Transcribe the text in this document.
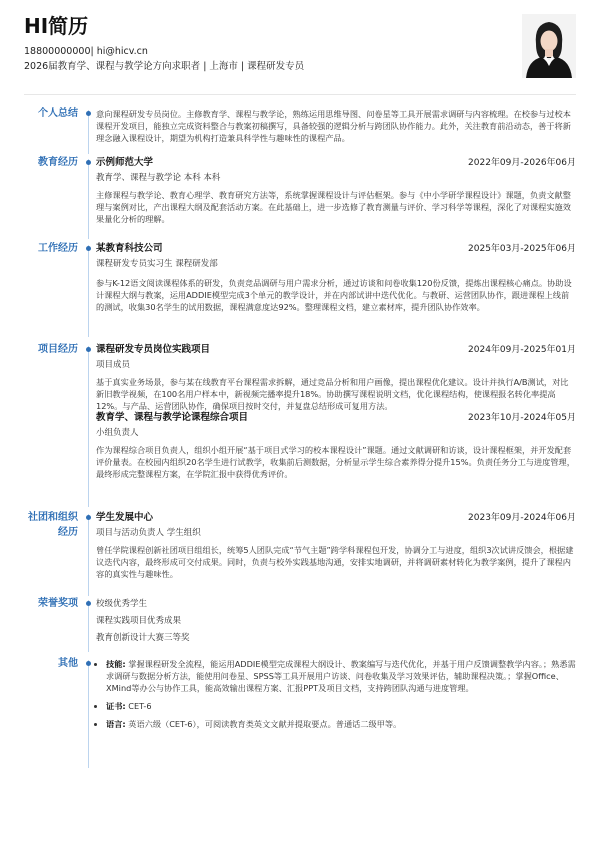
HI简历
18800000000| hi@hicv.cn
2026届教育学、课程与教学论方向求职者 | 上海市 | 课程研发专员
个人总结 意向课程研发专员岗位。主修教育学、课程与教学论，熟练运用思维导图、问卷星等工具开展需求调研与内容梳理。在校参与过校本课程开发项目，能独立完成资料整合与教案初稿撰写，具备较强的逻辑分析与跨团队协作能力。此外，关注教育前沿动态，善于将新理念融入课程设计，期望为机构打造兼具科学性与趣味性的课程产品。

教育经历 示例师范大学	2022年09月-2026年06月
教育学、课程与教学论 本科 本科

主修课程与教学论、教育心理学、教育研究方法等，系统掌握课程设计与评估框架。参与《中小学研学课程设计》课题，负责文献整理与案例对比，产出课程大纲及配套活动方案。在此基础上，进一步选修了教育测量与评价、学习科学等课程，深化了对课程实施效果量化分析的理解。

工作经历 某教育科技公司	2025年03月-2025年06月
课程研发专员实习生 课程研发部

参与K-12语文阅读课程体系的研发，负责竞品调研与用户需求分析，通过访谈和问卷收集120份反馈，提炼出课程核心痛点。协助设计课程大纲与教案，运用ADDIE模型完成3个单元的教学设计，并在内部试讲中迭代优化。与教研、运营团队协作，跟进课程上线前的测试，收集30名学生的试用数据，课程满意度达92%。整理课程文档，建立素材库，提升团队协作效率。

项目经历 课程研发专员岗位实践项目	2024年09月-2025年01月
项目成员

基于真实业务场景，参与某在线教育平台课程需求拆解，通过竞品分析和用户画像，提出课程优化建议。设计并执行A/B测试，对比新旧教学视频，在100名用户样本中，新视频完播率提升18%。协助撰写课程说明文档，优化课程结构，使课程报名转化率提高12%。与产品、运营团队协作，确保项目按时交付，并复盘总结形成可复用方法。

教育学、课程与教学论课程综合项目	2023年10月-2024年05月
小组负责人

作为课程综合项目负责人，组织小组开展“基于项目式学习的校本课程设计”课题。通过文献调研和访谈，设计课程框架，并开发配套评价量表。在校园内组织20名学生进行试教学，收集前后测数据，分析显示学生综合素养得分提升15%。负责任务分工与进度管理，最终形成完整课程方案，在学院汇报中获得优秀评价。

社团和组织
经历
学生发展中心	2023年09月-2024年06月
项目与活动负责人 学生组织

曾任学院课程创新社团项目组组长，统筹5人团队完成“节气主题”跨学科课程包开发，协调分工与进度，组织3次试讲反馈会，根据建议迭代内容，最终形成可交付成果。同时，负责与校外实践基地沟通，安排实地调研，并将调研素材转化为教学案例，提升了课程内容的真实性与趣味性。

荣誉奖项 校级优秀学生
课程实践项目优秀成果
教育创新设计大赛三等奖
其他
•	技能: 掌握课程研发全流程，能运用ADDIE模型完成课程大纲设计、教案编写与迭代优化，并基于用户反馈调整教学内容。；熟悉需求调研与数据分析方法，能使用问卷星、SPSS等工具开展用户访谈、问卷收集及学习效果评估，辅助课程决策。；掌握Office、XMind等办公与协作工具，能高效输出课程方案、汇报PPT及项目文档，支持跨团队沟通与进度管理。
• 证书: CET-6
• 语言: 英语六级（CET-6），可阅读教育类英文文献并提取要点。普通话二级甲等。
